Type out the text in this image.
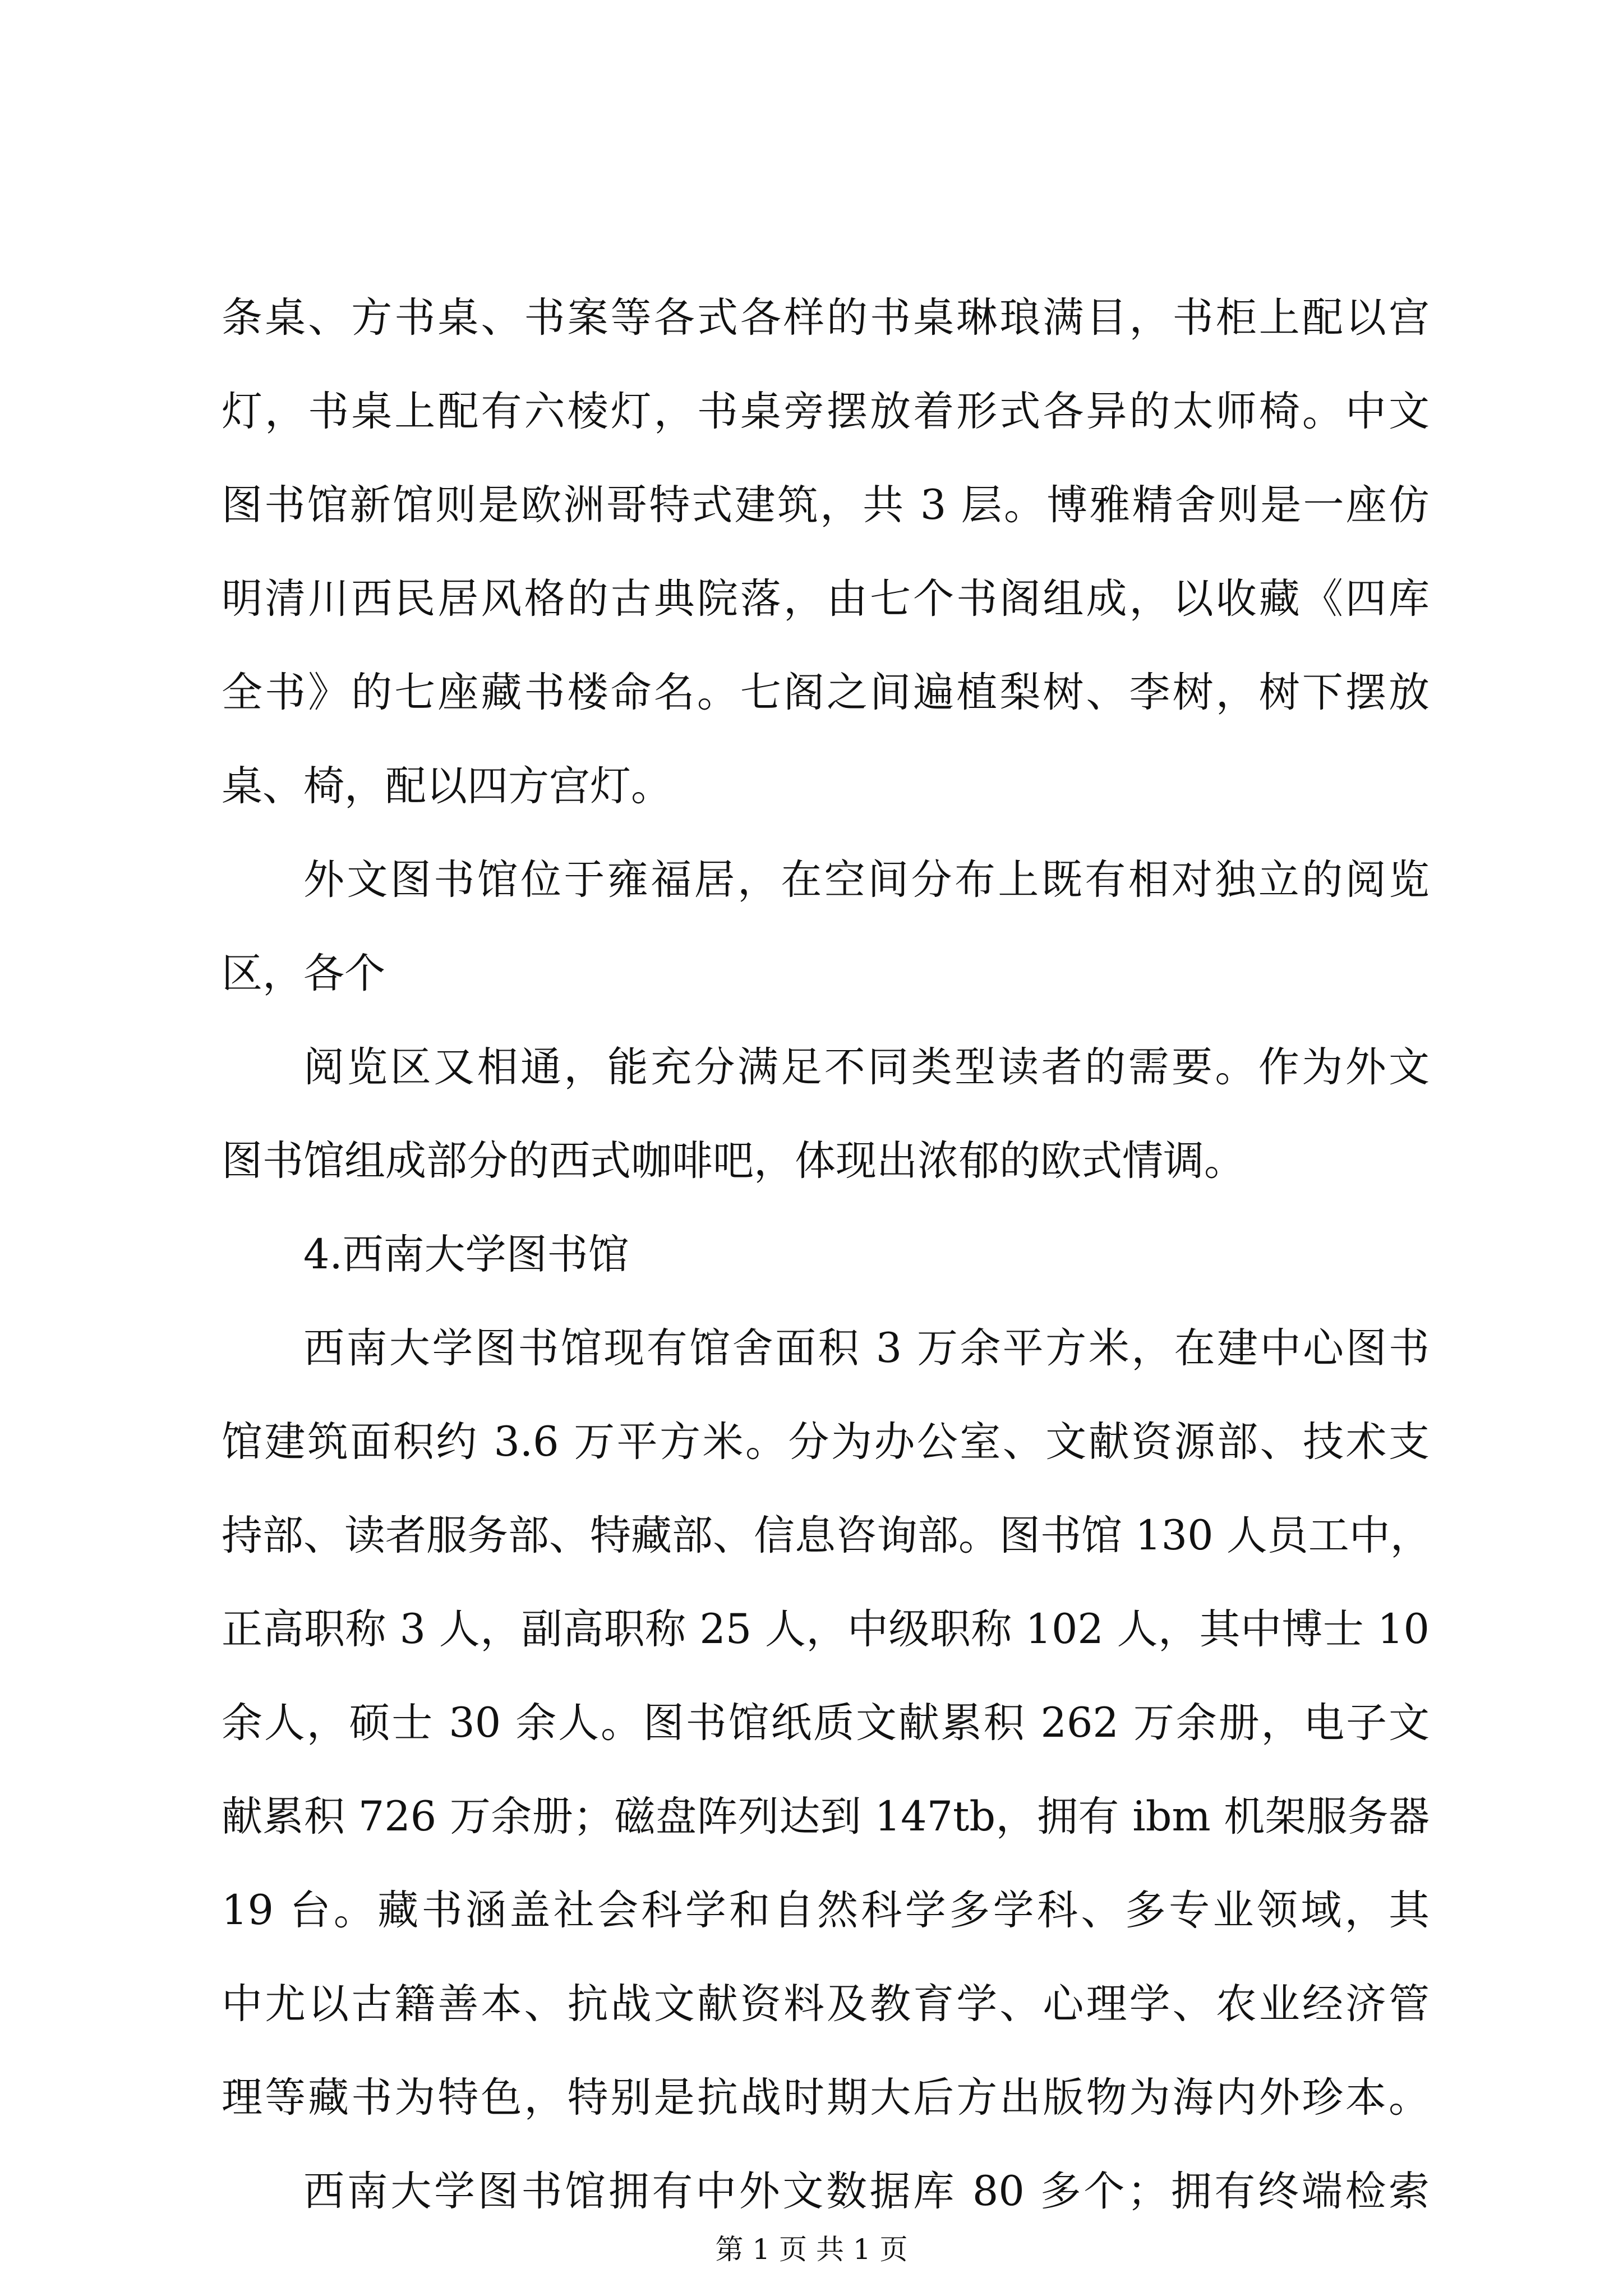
条桌、方书桌、书案等各式各样的书桌琳琅满目，书柜上配以宫
灯，书桌上配有六棱灯，书桌旁摆放着形式各异的太师椅。中文
图书馆新馆则是欧洲哥特式建筑，共 3 层。博雅精舍则是一座仿
明清川西民居风格的古典院落，由七个书阁组成，以收藏《四库
全书》的七座藏书楼命名。七阁之间遍植梨树、李树，树下摆放
桌、椅，配以四方宫灯。
外文图书馆位于雍福居，在空间分布上既有相对独立的阅览
区，各个
阅览区又相通，能充分满足不同类型读者的需要。作为外文
图书馆组成部分的西式咖啡吧，体现出浓郁的欧式情调。
4.西南大学图书馆
西南大学图书馆现有馆舍面积 3 万余平方米，在建中心图书
馆建筑面积约 3.6 万平方米。分为办公室、文献资源部、技术支
持部、读者服务部、特藏部、信息咨询部。图书馆 130 人员工中，
正高职称 3 人，副高职称 25 人，中级职称 102 人，其中博士 10
余人，硕士 30 余人。图书馆纸质文献累积 262 万余册，电子文
献累积 726 万余册；磁盘阵列达到 147tb，拥有 ibm 机架服务器
19 台。藏书涵盖社会科学和自然科学多学科、多专业领域，其
中尤以古籍善本、抗战文献资料及教育学、心理学、农业经济管
理等藏书为特色，特别是抗战时期大后方出版物为海内外珍本。
西南大学图书馆拥有中外文数据库 80 多个；拥有终端检索
第 1 页 共 1 页
